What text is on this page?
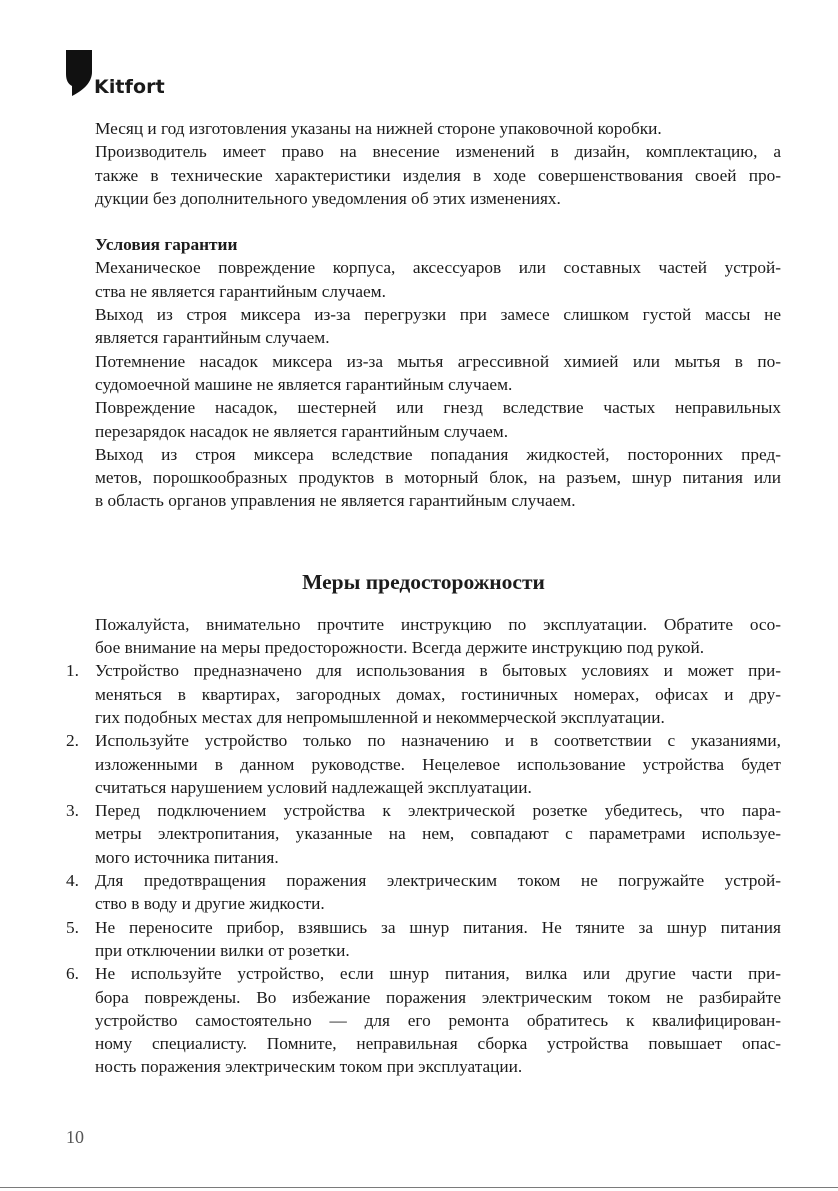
Kitfort

Месяц и год изготовления указаны на нижней стороне упаковочной коробки.

Производитель имеет право на внесение изменений в дизайн, комплектацию, а
также в технические характеристики изделия в ходе совершенствования своей про-
дукции без дополнительного уведомления об этих изменениях.

Условия гарантии

Механическое повреждение корпуса, аксессуаров или составных частей устрой-
ства не является гарантийным случаем.

Выход из строя миксера из-за перегрузки при замесе слишком густой массы не
является гарантийным случаем.

Потемнение насадок миксера из-за мытья агрессивной химией или мытья в по-
судомоечной машине не является гарантийным случаем.

Повреждение насадок, шестерней или гнезд вследствие частых неправильных
перезарядок насадок не является гарантийным случаем.

Выход из строя миксера вследствие попадания жидкостей, посторонних пред-
метов, порошкообразных продуктов в моторный блок, на разъем, шнур питания или
в область органов управления не является гарантийным случаем.

Меры предосторожности

Пожалуйста, внимательно прочтите инструкцию по эксплуатации. Обратите осо-
бое внимание на меры предосторожности. Всегда держите инструкцию под рукой.

1. Устройство предназначено для использования в бытовых условиях и может при-
меняться в квартирах, загородных домах, гостиничных номерах, офисах и дру-
гих подобных местах для непромышленной и некоммерческой эксплуатации.
2. Используйте устройство только по назначению и в соответствии с указаниями,
изложенными в данном руководстве. Нецелевое использование устройства будет
считаться нарушением условий надлежащей эксплуатации.
3. Перед подключением устройства к электрической розетке убедитесь, что пара-
метры электропитания, указанные на нем, совпадают с параметрами используе-
мого источника питания.
4. Для предотвращения поражения электрическим током не погружайте устрой-
ство в воду и другие жидкости.
5. Не переносите прибор, взявшись за шнур питания. Не тяните за шнур питания
при отключении вилки от розетки.
6. Не используйте устройство, если шнур питания, вилка или другие части при-
бора повреждены. Во избежание поражения электрическим током не разбирайте
устройство самостоятельно — для его ремонта обратитесь к квалифицирован-
ному специалисту. Помните, неправильная сборка устройства повышает опас-
ность поражения электрическим током при эксплуатации.
10
